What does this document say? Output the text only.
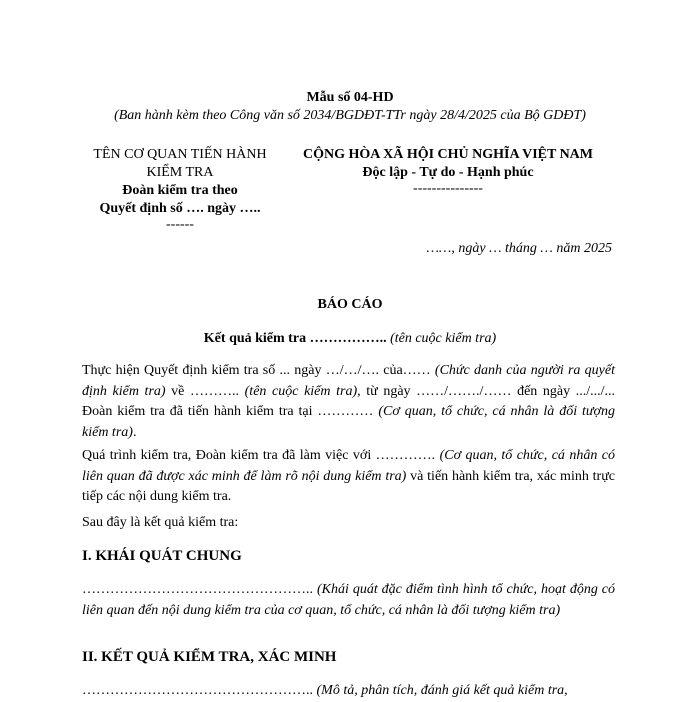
Mẫu số 04-HD
(Ban hành kèm theo Công văn số 2034/BGDĐT-TTr ngày 28/4/2025 của Bộ GDĐT)
TÊN CƠ QUAN TIẾN HÀNH
KIỂM TRA
Đoàn kiểm tra theo
Quyết định số …. ngày …..
------
CỘNG HÒA XÃ HỘI CHỦ NGHĨA VIỆT NAM
Độc lập - Tự do - Hạnh phúc
---------------
……, ngày … tháng … năm 2025
BÁO CÁO
Kết quả kiểm tra …………….. (tên cuộc kiểm tra)
Thực hiện Quyết định kiểm tra số ... ngày …/…/…. của…… (Chức danh của người ra quyết định kiểm tra) về ……….. (tên cuộc kiểm tra), từ ngày ……/……./…… đến ngày .../.../... Đoàn kiểm tra đã tiến hành kiểm tra tại ………… (Cơ quan, tổ chức, cá nhân là đối tượng kiểm tra).
Quá trình kiểm tra, Đoàn kiểm tra đã làm việc với …………. (Cơ quan, tổ chức, cá nhân có liên quan đã được xác minh để làm rõ nội dung kiểm tra) và tiến hành kiểm tra, xác minh trực tiếp các nội dung kiểm tra.
Sau đây là kết quả kiểm tra:
I. KHÁI QUÁT CHUNG
………………………………………….. (Khái quát đặc điểm tình hình tổ chức, hoạt động có liên quan đến nội dung kiểm tra của cơ quan, tổ chức, cá nhân là đối tượng kiểm tra)
II. KẾT QUẢ KIỂM TRA, XÁC MINH
………………………………………….. (Mô tả, phân tích, đánh giá kết quả kiểm tra,
